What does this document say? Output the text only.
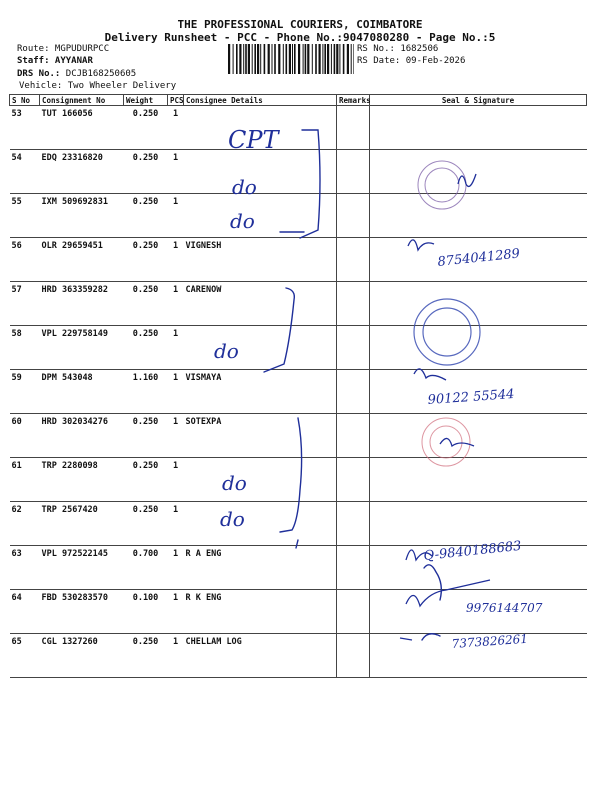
THE PROFESSIONAL COURIERS, COIMBATORE
Delivery Runsheet - PCC - Phone No.:9047080280 - Page No.:5
Route: MGPUDURPCC
Staff: AYYANAR
DRS No.: DCJB168250605
Vehicle: Two Wheeler Delivery
RS No.: 1682506
RS Date: 09-Feb-2026
S No	Consignment No	Weight	PCS	Consignee Details	Remarks	Seal & Signature
53	TUT 166056	0.250	1			
54	EDQ 23316820	0.250	1			
55	IXM 509692831	0.250	1			
56	OLR 29659451	0.250	1	VIGNESH		
57	HRD 363359282	0.250	1	CARENOW		
58	VPL 229758149	0.250	1			
59	DPM 543048	1.160	1	VISMAYA		
60	HRD 302034276	0.250	1	SOTEXPA		
61	TRP 2280098	0.250	1			
62	TRP 2567420	0.250	1			
63	VPL 972522145	0.700	1	R A ENG		
64	FBD 530283570	0.100	1	R K ENG		
65	CGL 1327260	0.250	1	CHELLAM LOG		
CPT
do
do
8754041289
do
90122 55544
do
do
Q-9840188683
9976144707
7373826261
